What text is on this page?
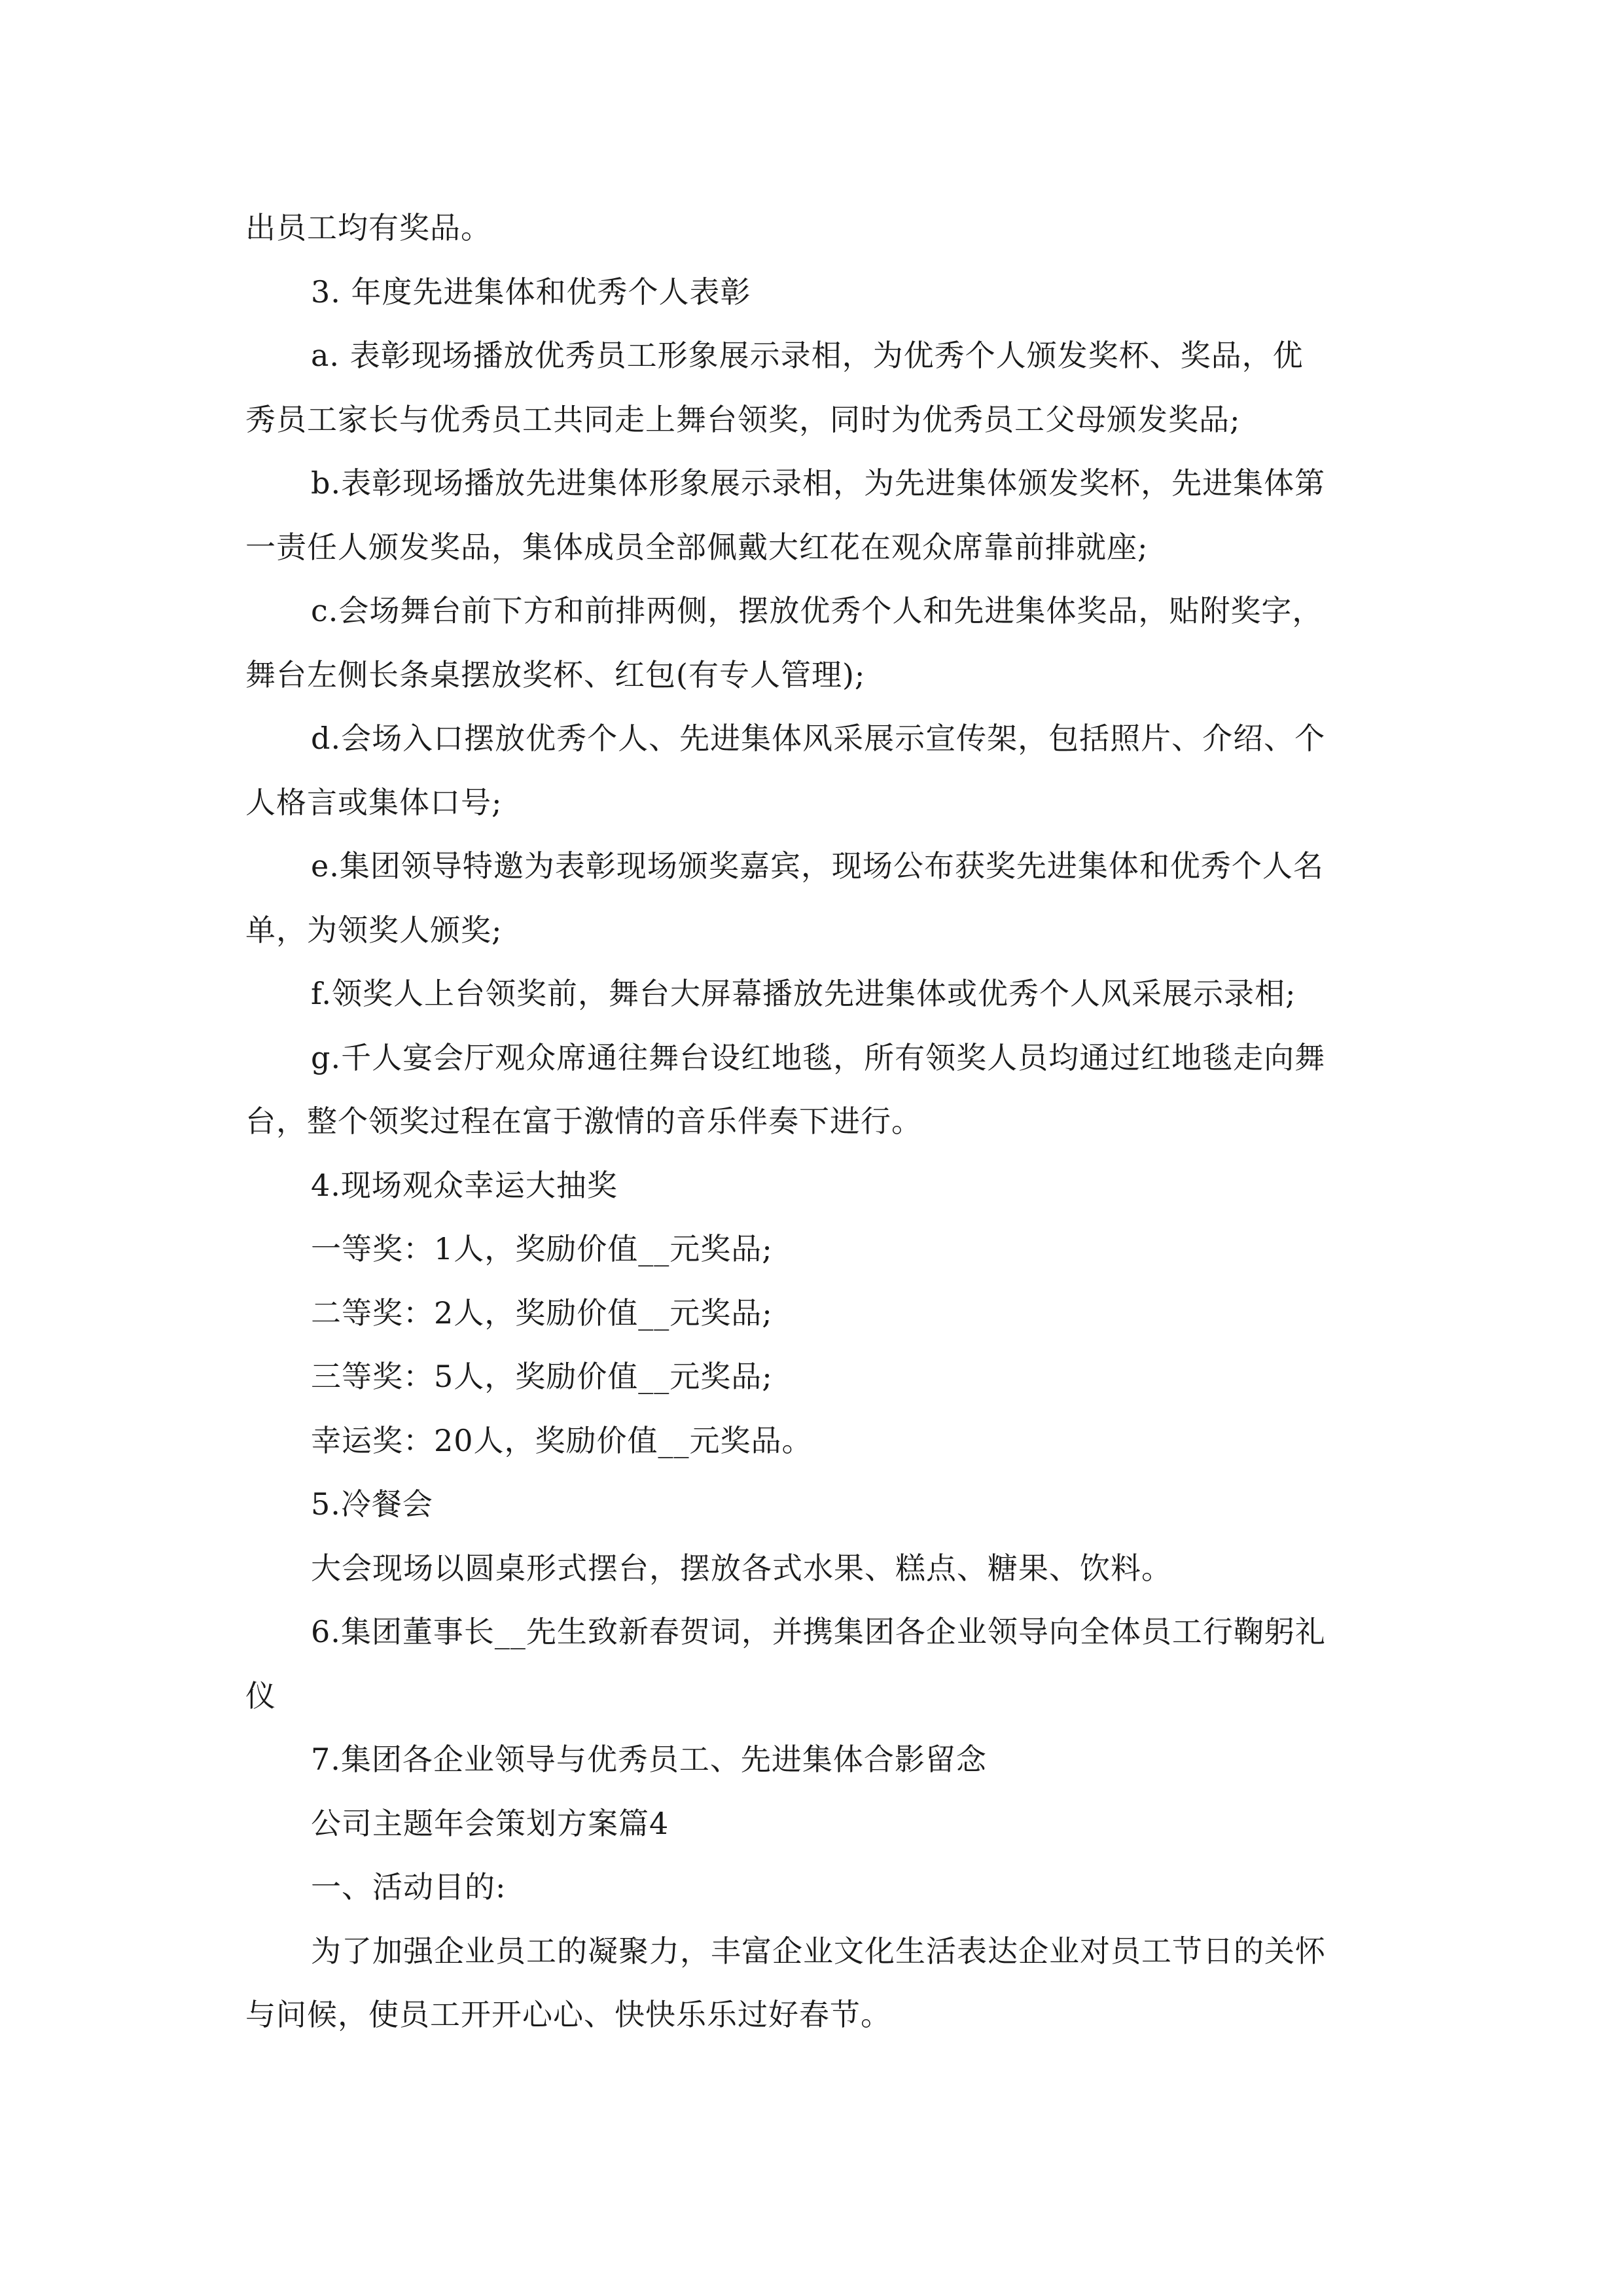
出员工均有奖品。
3. 年度先进集体和优秀个人表彰
a. 表彰现场播放优秀员工形象展示录相，为优秀个人颁发奖杯、奖品，优
秀员工家长与优秀员工共同走上舞台领奖，同时为优秀员工父母颁发奖品;
b.表彰现场播放先进集体形象展示录相，为先进集体颁发奖杯，先进集体第
一责任人颁发奖品，集体成员全部佩戴大红花在观众席靠前排就座;
c.会场舞台前下方和前排两侧，摆放优秀个人和先进集体奖品，贴附奖字，
舞台左侧长条桌摆放奖杯、红包(有专人管理);
d.会场入口摆放优秀个人、先进集体风采展示宣传架，包括照片、介绍、个
人格言或集体口号;
e.集团领导特邀为表彰现场颁奖嘉宾，现场公布获奖先进集体和优秀个人名
单，为领奖人颁奖;
f.领奖人上台领奖前，舞台大屏幕播放先进集体或优秀个人风采展示录相;
g.千人宴会厅观众席通往舞台设红地毯，所有领奖人员均通过红地毯走向舞
台，整个领奖过程在富于激情的音乐伴奏下进行。
4.现场观众幸运大抽奖
一等奖：1人，奖励价值__元奖品;
二等奖：2人，奖励价值__元奖品;
三等奖：5人，奖励价值__元奖品;
幸运奖：20人，奖励价值__元奖品。
5.冷餐会
大会现场以圆桌形式摆台，摆放各式水果、糕点、糖果、饮料。
6.集团董事长__先生致新春贺词，并携集团各企业领导向全体员工行鞠躬礼
仪
7.集团各企业领导与优秀员工、先进集体合影留念
公司主题年会策划方案篇4
一、活动目的:
为了加强企业员工的凝聚力，丰富企业文化生活表达企业对员工节日的关怀
与问候，使员工开开心心、快快乐乐过好春节。
